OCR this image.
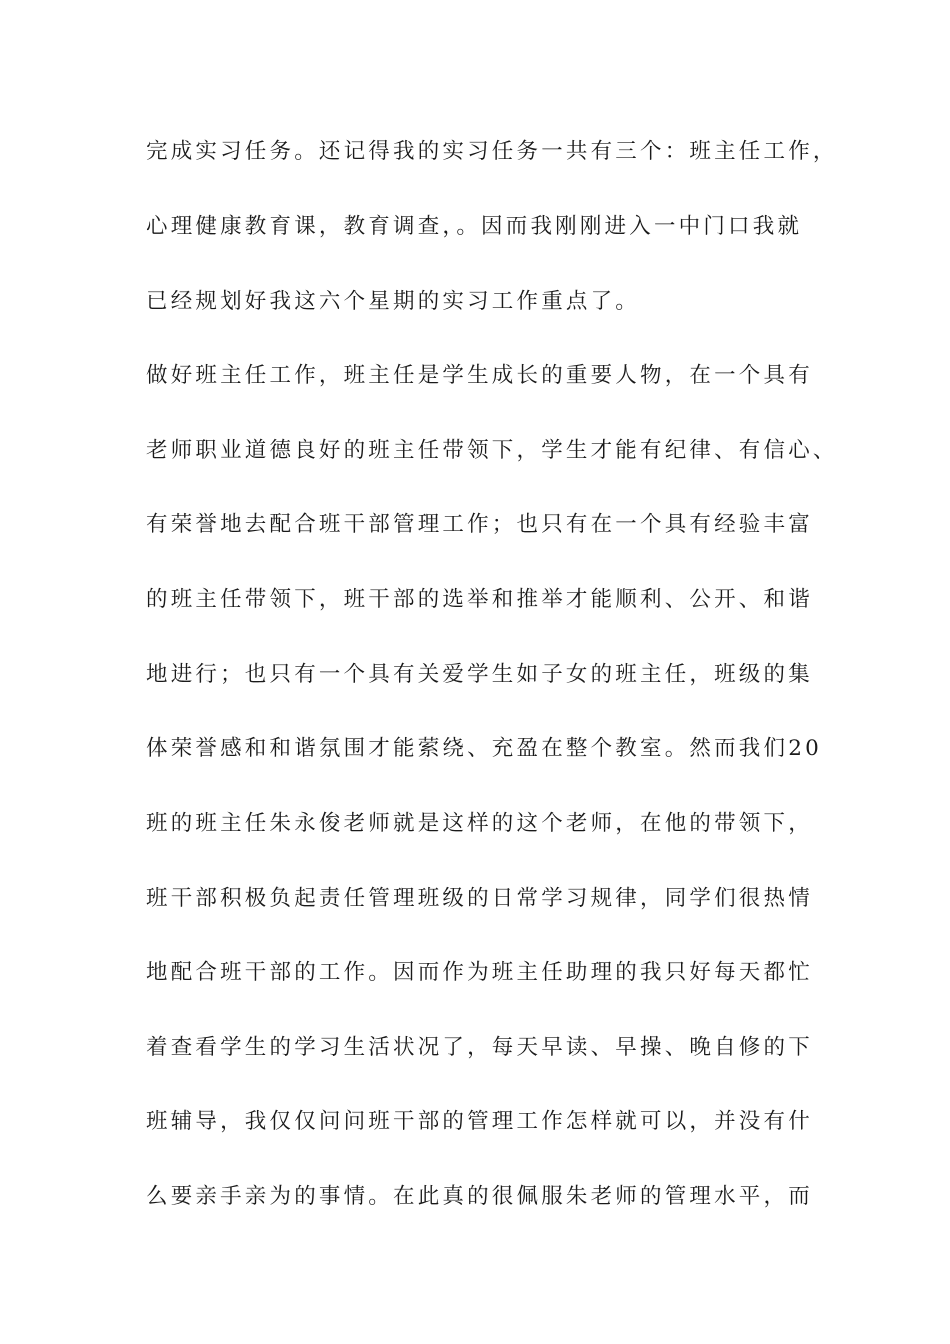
完成实习任务。还记得我的实习任务一共有三个：班主任工作，
心理健康教育课，教育调查，。因而我刚刚进入一中门口我就
已经规划好我这六个星期的实习工作重点了。
做好班主任工作，班主任是学生成长的重要人物，在一个具有
老师职业道德良好的班主任带领下，学生才能有纪律、有信心、
有荣誉地去配合班干部管理工作；也只有在一个具有经验丰富
的班主任带领下，班干部的选举和推举才能顺利、公开、和谐
地进行；也只有一个具有关爱学生如子女的班主任，班级的集
体荣誉感和和谐氛围才能萦绕、充盈在整个教室。然而我们20
班的班主任朱永俊老师就是这样的这个老师，在他的带领下，
班干部积极负起责任管理班级的日常学习规律，同学们很热情
地配合班干部的工作。因而作为班主任助理的我只好每天都忙
着查看学生的学习生活状况了，每天早读、早操、晚自修的下
班辅导，我仅仅问问班干部的管理工作怎样就可以，并没有什
么要亲手亲为的事情。在此真的很佩服朱老师的管理水平，而
